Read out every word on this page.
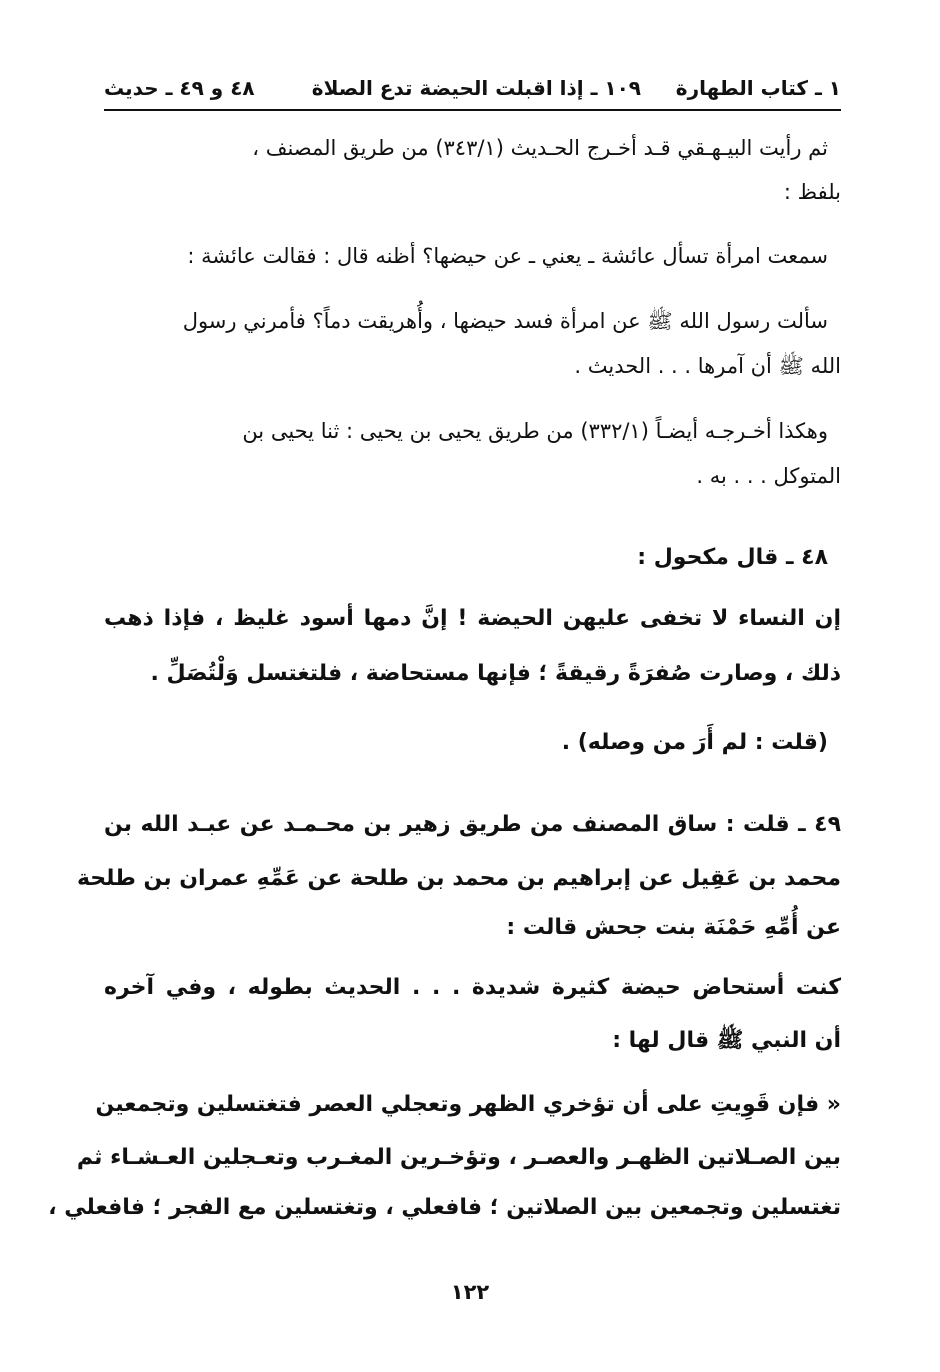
١ ـ كتاب الطهارة
١٠٩ ـ إذا اقبلت الحيضة تدع الصلاة
٤٨ و ٤٩ ـ حديث
ثم رأيت البيـهـقي قـد أخـرج الحـديث (٣٤٣/١) من طريق المصنف ،
بلفظ :
سمعت امرأة تسأل عائشة ـ يعني ـ عن حيضها؟ أظنه قال : فقالت عائشة :
سألت رسول الله ﷺ عن امرأة فسد حيضها ، وأُهريقت دماً؟ فأمرني رسول
الله ﷺ أن آمرها . . . الحديث .
وهكذا أخـرجـه أيضـاً (٣٣٢/١) من طريق يحيى بن يحيى : ثنا يحيى بن
المتوكل . . . به .
٤٨ ـ قال مكحول :
إن النساء لا تخفى عليهن الحيضة ! إنَّ دمها أسود غليظ ، فإذا ذهب
ذلك ، وصارت صُفرَةً رقيقةً ؛ فإنها مستحاضة ، فلتغتسل وَلْتُصَلِّ .
(قلت : لم أَرَ من وصله) .
٤٩ ـ قلت : ساق المصنف من طريق زهير بن محـمـد عن عبـد الله بن
محمد بن عَقِيل عن إبراهيم بن محمد بن طلحة عن عَمِّهِ عمران بن طلحة
عن أُمِّهِ حَمْنَة بنت جحش قالت :
كنت أستحاض حيضة كثيرة شديدة . . . الحديث بطوله ، وفي آخره
أن النبي ﷺ قال لها :
« فإن قَوِيتِ على أن تؤخري الظهر وتعجلي العصر فتغتسلين وتجمعين
بين الصـلاتين الظهـر والعصـر ، وتؤخـرين المغـرب وتعـجلين العـشـاء ثم
تغتسلين وتجمعين بين الصلاتين ؛ فافعلي ، وتغتسلين مع الفجر ؛ فافعلي ،
١٢٢
